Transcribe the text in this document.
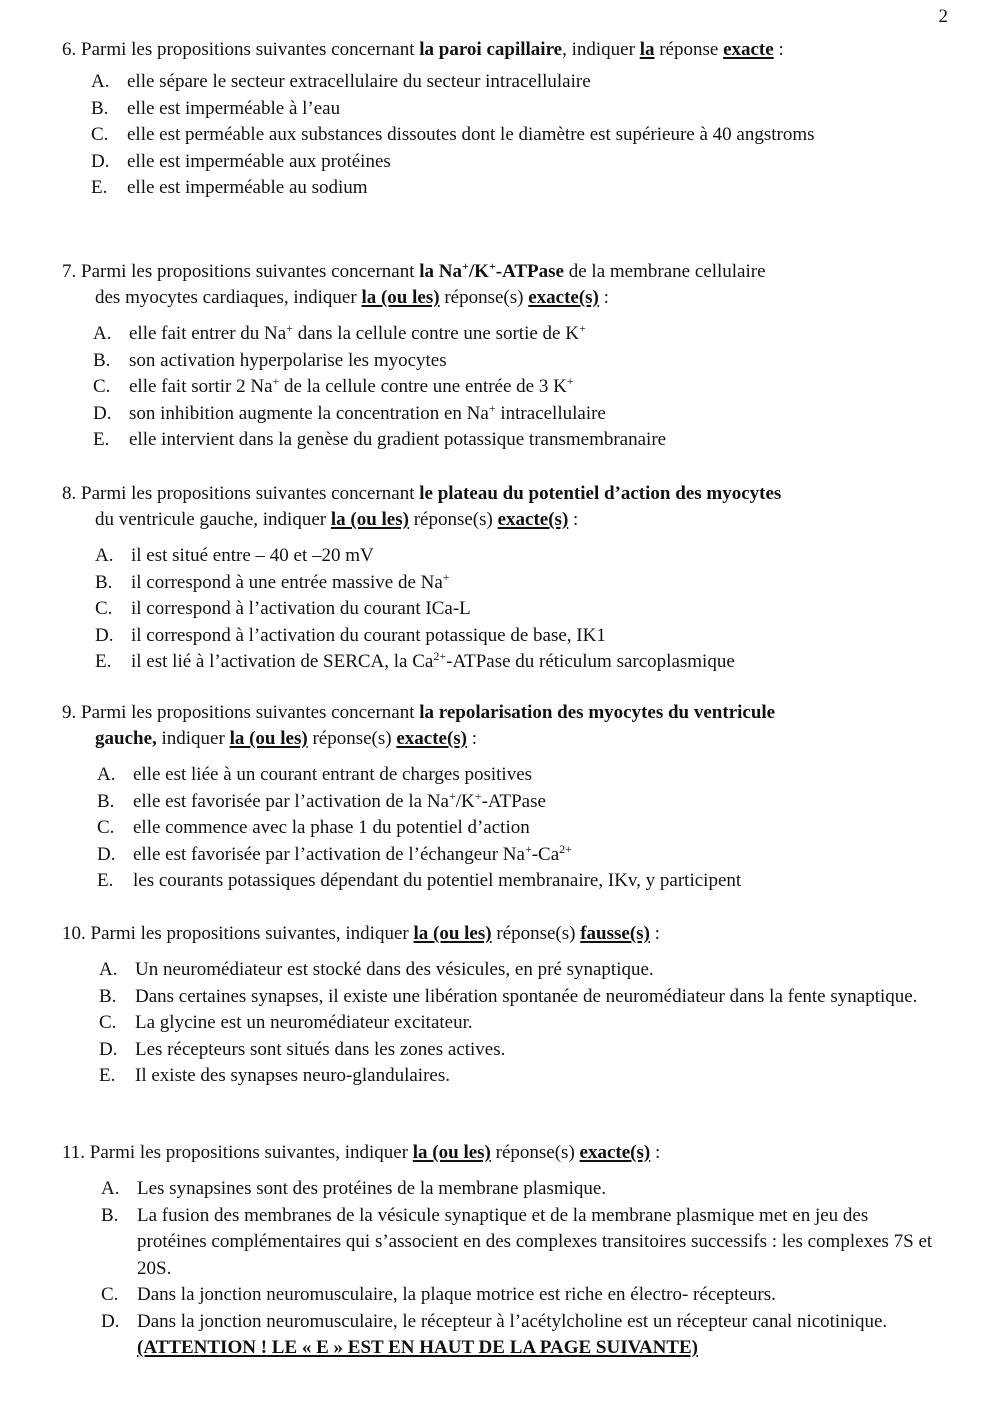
2

6. Parmi les propositions suivantes concernant la paroi capillaire, indiquer la réponse exacte :

A. elle sépare le secteur extracellulaire du secteur intracellulaire
B. elle est imperméable à l’eau
C. elle est perméable aux substances dissoutes dont le diamètre est supérieure à 40 angstroms
D. elle est imperméable aux protéines
E.	elle est imperméable au sodium

7. Parmi les propositions suivantes concernant la Na+/K+-ATPase de la membrane cellulaire
des myocytes cardiaques, indiquer la (ou les) réponse(s) exacte(s) :

A. elle fait entrer du Na+ dans la cellule contre une sortie de K+
B. son activation hyperpolarise les myocytes
C. elle fait sortir 2 Na+ de la cellule contre une entrée de 3 K+
D. son inhibition augmente la concentration en Na+ intracellulaire
E.	elle intervient dans la genèse du gradient potassique transmembranaire

8. Parmi les propositions suivantes concernant le plateau du potentiel d’action des myocytes
du ventricule gauche, indiquer la (ou les) réponse(s) exacte(s) :

A. il est situé entre – 40 et –20 mV
B. il correspond à une entrée massive de Na+
C. il correspond à l’activation du courant ICa-L
D. il correspond à l’activation du courant potassique de base, IK1
E.	il est lié à l’activation de SERCA, la $Ca^{2+}$-ATPase du réticulum sarcoplasmique

9. Parmi les propositions suivantes concernant la repolarisation des myocytes du ventricule
gauche, indiquer la (ou les) réponse(s) exacte(s) :

A. elle est liée à un courant entrant de charges positives
B. elle est favorisée par l’activation de la Na+/K+-ATPase
C. elle commence avec la phase 1 du potentiel d’action
D. elle est favorisée par l’activation de l’échangeur $Na^+-Ca^{2+}$
E.	les courants potassiques dépendant du potentiel membranaire, IKv, y participent

10. Parmi les propositions suivantes, indiquer la (ou les) réponse(s) fausse(s) :

A. Un neuromédiateur est stocké dans des vésicules, en pré synaptique.
B. Dans certaines synapses, il existe une libération spontanée de neuromédiateur dans la fente synaptique.
C. La glycine est un neuromédiateur excitateur.
D. Les récepteurs sont situés dans les zones actives.
E.	Il existe des synapses neuro-glandulaires.

11. Parmi les propositions suivantes, indiquer la (ou les) réponse(s) exacte(s) :

A. Les synapsines sont des protéines de la membrane plasmique.
B. La fusion des membranes de la vésicule synaptique et de la membrane plasmique met en jeu des protéines complémentaires qui s’associent en des complexes transitoires successifs : les complexes 7S et 20S.
C. Dans la jonction neuromusculaire, la plaque motrice est riche en électro- récepteurs.
D. Dans la jonction neuromusculaire, le récepteur à l’acétylcholine est un récepteur canal nicotinique. (ATTENTION ! LE « E » EST EN HAUT DE LA PAGE SUIVANTE)
